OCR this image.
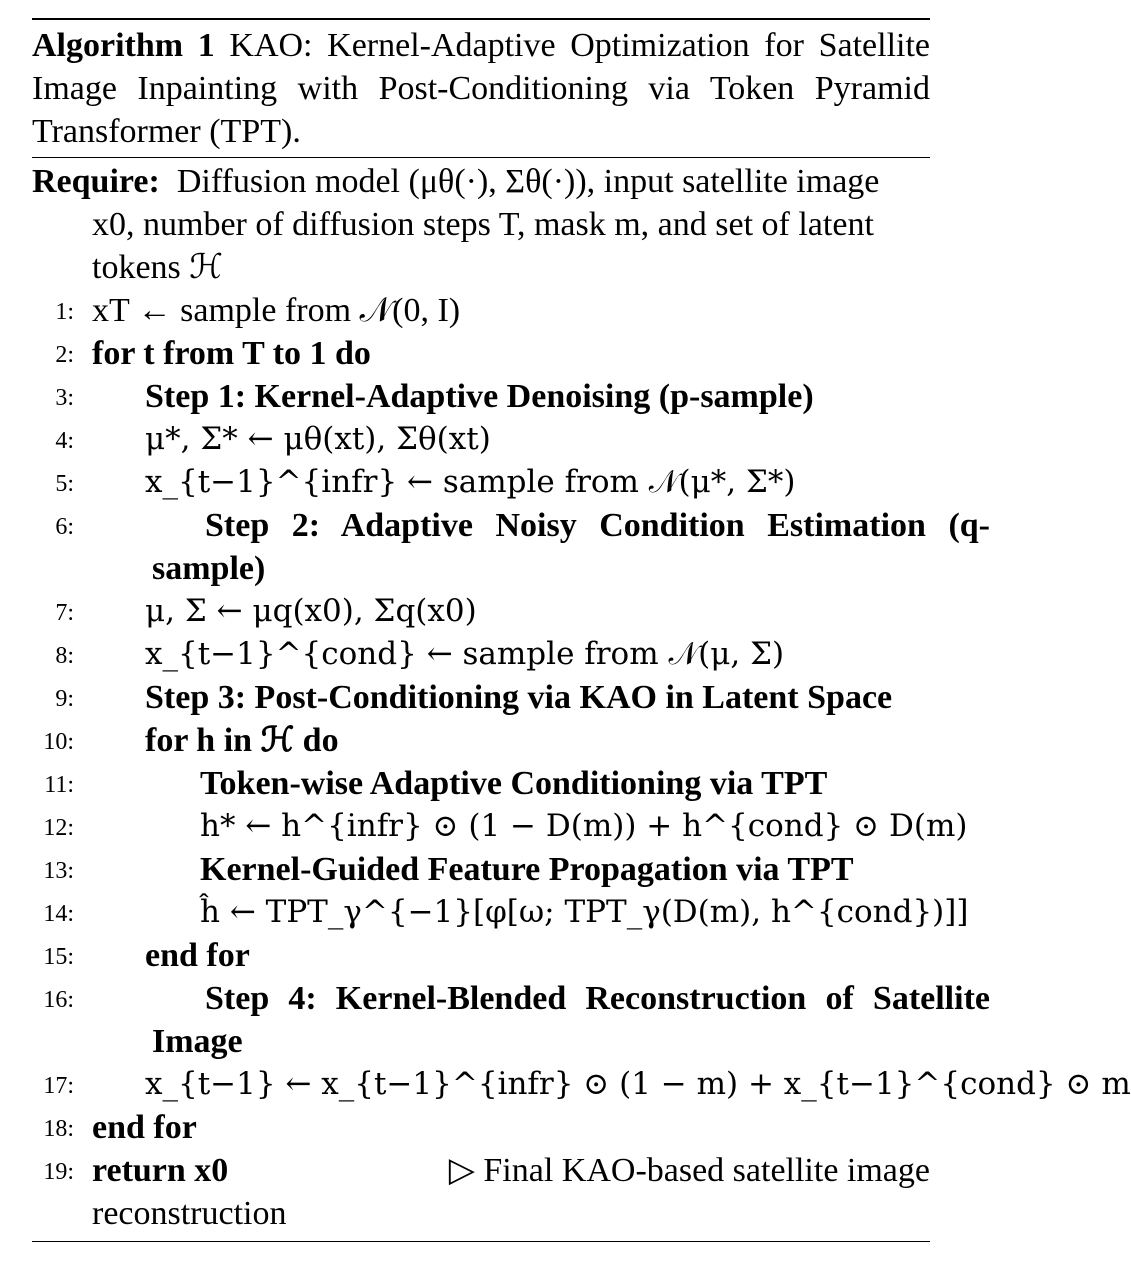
Algorithm 1 KAO: Kernel-Adaptive Optimization for Satellite Image Inpainting with Post-Conditioning via Token Pyramid Transformer (TPT).
Require: Diffusion model (μθ(·), Σθ(·)), input satellite image
x0, number of diffusion steps T, mask m, and set of latent
tokens ℋ
1: xT ← sample from 𝒩(0, I)
2: for t from T to 1 do
3:	Step 1: Kernel-Adaptive Denoising (p-sample)
4:	μ*, Σ* ← μθ(xt), Σθ(xt)
5:	x_{t−1}^{infr} ← sample from 𝒩(μ*, Σ*)
6:	Step 2: Adaptive Noisy Condition Estimation (q-sample)
7:	μ, Σ ← μq(x0), Σq(x0)
8:	x_{t−1}^{cond} ← sample from 𝒩(μ, Σ)
9:	Step 3: Post-Conditioning via KAO in Latent Space
10:	for h in ℋ do
11:	Token-wise Adaptive Conditioning via TPT
12:	h* ← h^{infr} ⊙ (1 − D(m)) + h^{cond} ⊙ D(m)
13:	Kernel-Guided Feature Propagation via TPT
14:	ĥ ← TPT_γ^{−1}[φ[ω; TPT_γ(D(m), h^{cond})]]
15:	end for
16:	Step 4: Kernel-Blended Reconstruction of Satellite Image
17:	x_{t−1} ← x_{t−1}^{infr} ⊙ (1 − m) + x_{t−1}^{cond} ⊙ m
18: end for
19: return x0	▷ Final KAO-based satellite image
reconstruction
